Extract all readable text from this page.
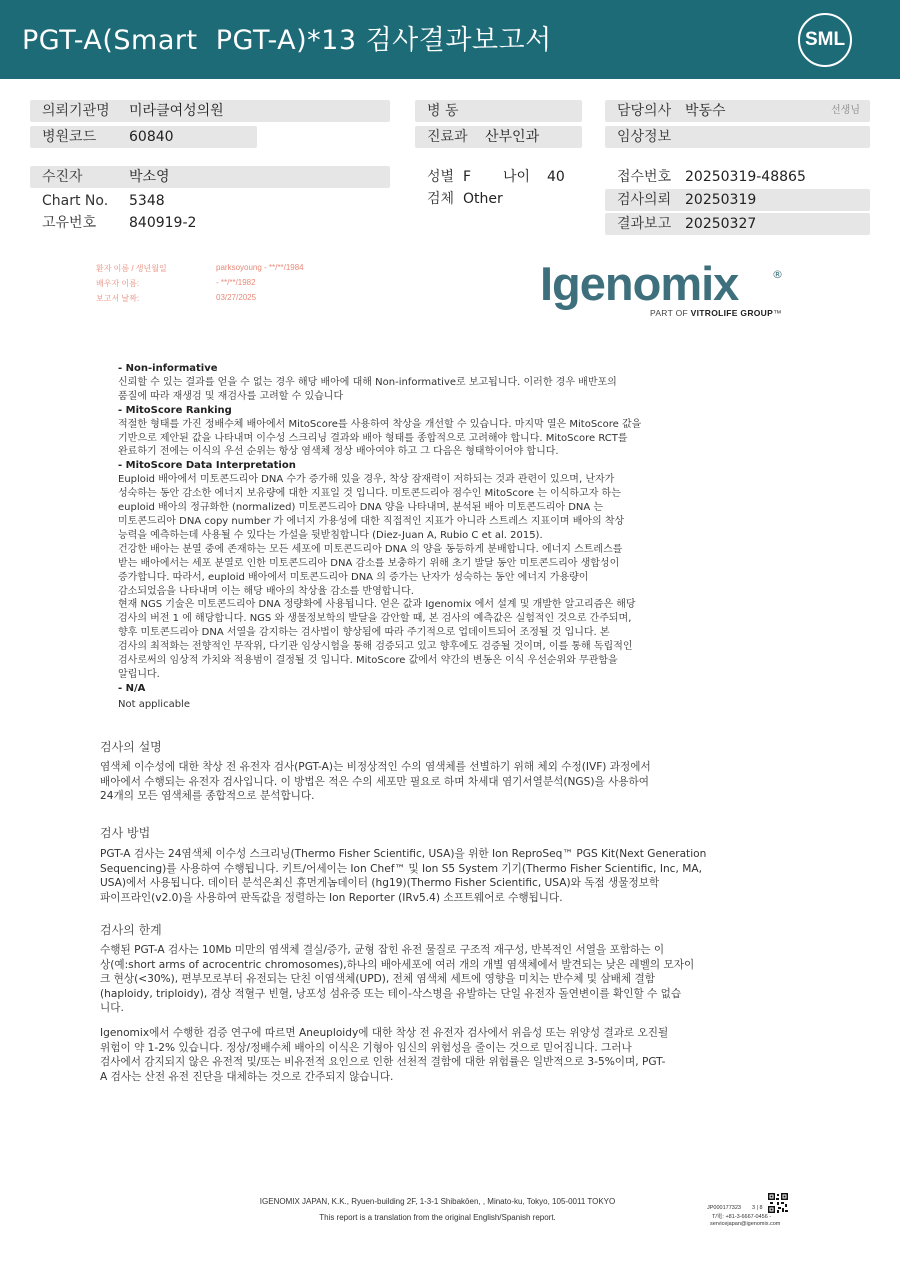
PGT-A(Smart  PGT-A)*13 검사결과보고서	SML
의뢰기관명 미라클여성의원
병원코드 60840
수진자	박소영
Chart No. 5348
고유번호 840919-2
병 동
진료과 산부인과
성별 F 나이 40
검체 Other
담당의사 박동수	선생님
임상정보
접수번호 20250319-48865
검사의뢰 20250319
결과보고 20250327
환자 이름 / 생년월일	parksoyoung - **/**/1984
배우자 이름:	- **/**/1982
보고서 날짜:	03/27/2025	Igenomix	®
PART OF VITROLIFE GROUP™
- Non-informative
신뢰할 수 있는 결과를 얻을 수 없는 경우 해당 배아에 대해 Non-informative로 보고됩니다. 이러한 경우 배반포의
품질에 따라 재생검 및 재검사를 고려할 수 있습니다
- MitoScore Ranking
적절한 형태를 가진 정배수체 배아에서 MitoScore를 사용하여 착상을 개선할 수 있습니다. 마지막 열은 MitoScore 값을
기반으로 제안된 값을 나타내며 이수성 스크리닝 결과와 배아 형태를 종합적으로 고려해야 합니다. MitoScore RCT를
완료하기 전에는 이식의 우선 순위는 항상 염색체 정상 배아여야 하고 그 다음은 형태학이어야 합니다.
- MitoScore Data Interpretation
Euploid 배아에서 미토콘드리아 DNA 수가 증가해 있을 경우, 착상 잠재력이 저하되는 것과 관련이 있으며, 난자가
성숙하는 동안 감소한 에너지 보유량에 대한 지표일 것 입니다. 미토콘드리아 점수인 MitoScore 는 이식하고자 하는
euploid 배아의 정규화한 (normalized) 미토콘드리아 DNA 양을 나타내며, 분석된 배아 미토콘드리아 DNA 는
미토콘드리아 DNA copy number 가 에너지 가용성에 대한 직접적인 지표가 아니라 스트레스 지표이며 배아의 착상
능력을 예측하는데 사용될 수 있다는 가설을 뒷받침합니다 (Diez-Juan A, Rubio C et al. 2015).
건강한 배아는 분열 중에 존재하는 모든 세포에 미토콘드리아 DNA 의 양을 동등하게 분배합니다. 에너지 스트레스를
받는 배아에서는 세포 분열로 인한 미토콘드리아 DNA 감소를 보충하기 위해 초기 발달 동안 미토콘드리아 생합성이
증가합니다. 따라서, euploid 배아에서 미토콘드리아 DNA 의 증가는 난자가 성숙하는 동안 에너지 가용량이
감소되었음을 나타내며 이는 해당 배아의 착상율 감소를 반영합니다.
현재 NGS 기술은 미토콘드리아 DNA 정량화에 사용됩니다. 얻은 값과 Igenomix 에서 설계 및 개발한 알고리즘은 해당
검사의 버전 1 에 해당합니다. NGS 와 생물정보학의 발달을 감안할 때, 본 검사의 예측값은 실험적인 것으로 간주되며,
향후 미토콘드리아 DNA 서열을 감지하는 검사법이 향상됨에 따라 주기적으로 업데이트되어 조정될 것 입니다. 본
검사의 최적화는 전향적인 무작위, 다기관 임상시험을 통해 검증되고 있고 향후에도 검증될 것이며, 이를 통해 독립적인
검사로써의 임상적 가치와 적용범이 결정될 것 입니다. MitoScore 값에서 약간의 변동은 이식 우선순위와 무관함을
알립니다.
- N/A
Not applicable
검사의 설명
염색체 이수성에 대한 착상 전 유전자 검사(PGT-A)는 비정상적인 수의 염색체를 선별하기 위해 체외 수정(IVF) 과정에서
배아에서 수행되는 유전자 검사입니다. 이 방법은 적은 수의 세포만 필요로 하며 차세대 염기서열분석(NGS)을 사용하여
24개의 모든 염색체를 종합적으로 분석합니다.
검사 방법
PGT-A 검사는 24염색체 이수성 스크리닝(Thermo Fisher Scientific, USA)을 위한 Ion ReproSeq™ PGS Kit(Next Generation
Sequencing)를 사용하여 수행됩니다. 키트/어세이는 Ion Chef™ 및 Ion S5 System 기기(Thermo Fisher Scientific, Inc, MA,
USA)에서 사용됩니다. 데이터 분석은최신 휴먼게놈데이터 (hg19)(Thermo Fisher Scientific, USA)와 독점 생물정보학
파이프라인(v2.0)을 사용하여 판독값을 정렬하는 Ion Reporter (IRv5.4) 소프트웨어로 수행됩니다.
검사의 한계
수행된 PGT-A 검사는 10Mb 미만의 염색체 결실/증가, 균형 잡힌 유전 물질로 구조적 재구성, 반복적인 서열을 포함하는 이
상(예:short arms of acrocentric chromosomes),하나의 배아세포에 여러 개의 개별 염색체에서 발견되는 낮은 레벨의 모자이
크 현상(<30%), 편부모로부터 유전되는 단친 이염색체(UPD), 전체 염색체 세트에 영향을 미치는 반수체 및 삼배체 결함
(haploidy, triploidy), 겸상 적혈구 빈혈, 낭포성 섬유증 또는 테이-삭스병을 유발하는 단일 유전자 돌연변이를 확인할 수 없습
니다.
Igenomix에서 수행한 검증 연구에 따르면 Aneuploidy에 대한 착상 전 유전자 검사에서 위음성 또는 위양성 결과로 오진될
위험이 약 1-2% 있습니다. 정상/정배수체 배아의 이식은 기형아 임신의 위험성을 줄이는 것으로 믿어집니다. 그러나
검사에서 감지되지 않은 유전적 및/또는 비유전적 요인으로 인한 선천적 결함에 대한 위험률은 일반적으로 3-5%이며, PGT-
A 검사는 산전 유전 진단을 대체하는 것으로 간주되지 않습니다.
IGENOMIX JAPAN, K.K., Ryuen-building 2F, 1-3-1 Shibakōen, , Minato-ku, Tokyo, 105-0011 TOKYO
This report is a translation from the original English/Spanish report.
JP000177323 3 | 8
T/電: +81-3-6667-0456 -
servicejapan@igenomix.com
